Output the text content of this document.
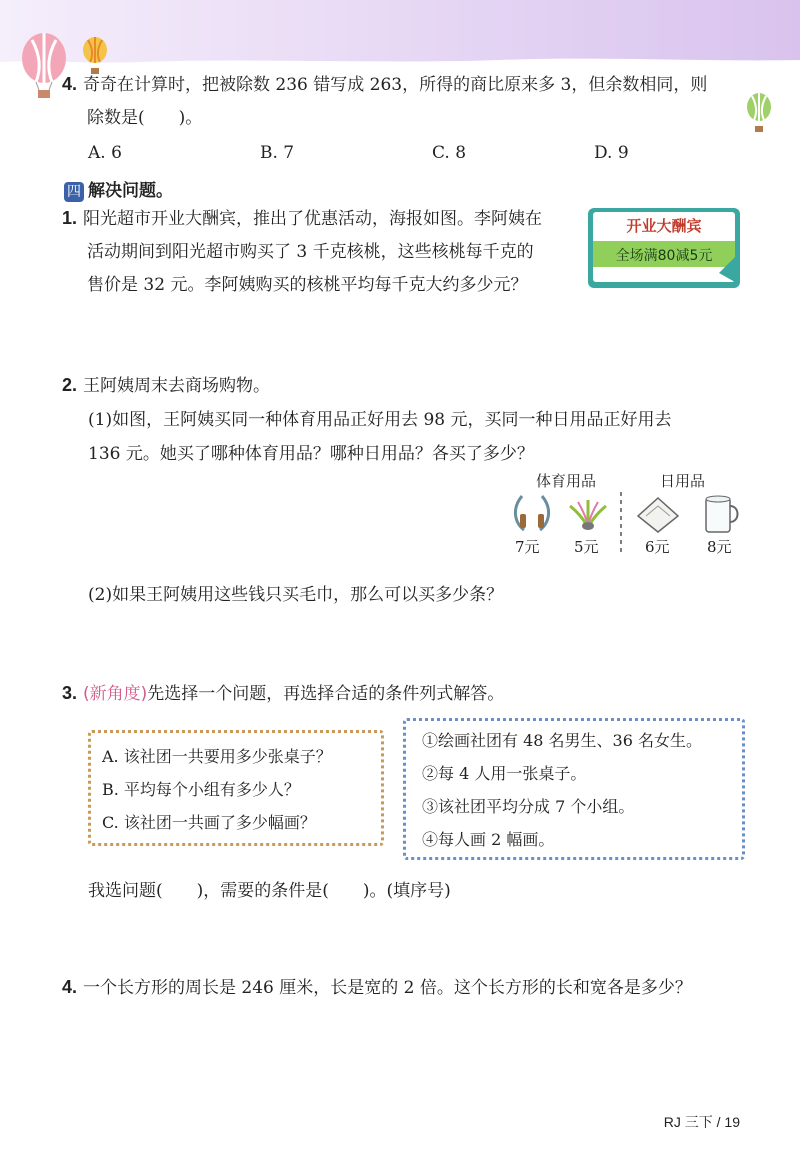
4. 奇奇在计算时，把被除数 236 错写成 263，所得的商比原来多 3，但余数相同，则
除数是(　　)。
A. 6	B. 7	C. 8	D. 9
四 解决问题。
1. 阳光超市开业大酬宾，推出了优惠活动，海报如图。李阿姨在
活动期间到阳光超市购买了 3 千克核桃，这些核桃每千克的
售价是 32 元。李阿姨购买的核桃平均每千克大约多少元？
开业大酬宾
全场满80减5元
2. 王阿姨周末去商场购物。
(1)如图，王阿姨买同一种体育用品正好用去 98 元，买同一种日用品正好用去
136 元。她买了哪种体育用品？哪种日用品？各买了多少？
体育用品	日用品
7元 5元	6元 8元
(2)如果王阿姨用这些钱只买毛巾，那么可以买多少条？
3. (新角度)先选择一个问题，再选择合适的条件列式解答。
A. 该社团一共要用多少张桌子？
B. 平均每个小组有多少人？
C. 该社团一共画了多少幅画？
①绘画社团有 48 名男生、36 名女生。
②每 4 人用一张桌子。
③该社团平均分成 7 个小组。
④每人画 2 幅画。
我选问题(　　)，需要的条件是(　　)。(填序号)
4. 一个长方形的周长是 246 厘米，长是宽的 2 倍。这个长方形的长和宽各是多少？
RJ 三下 / 19
